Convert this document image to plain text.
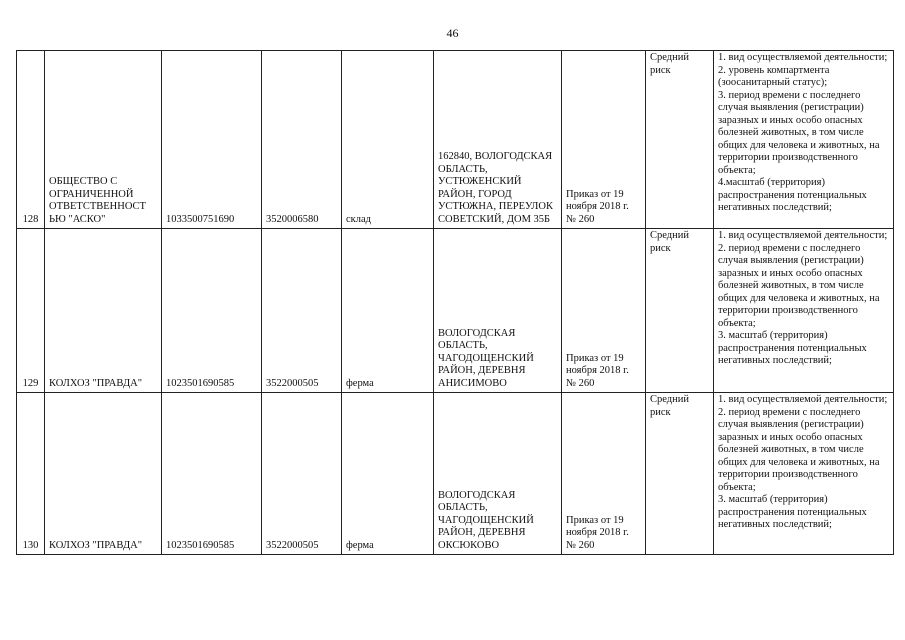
46
128	ОБЩЕСТВО С ОГРАНИЧЕННОЙ ОТВЕТСТВЕННОСТ ЬЮ "АСКО"	1033500751690	3520006580	склад	162840, ВОЛОГОДСКАЯ ОБЛАСТЬ, УСТЮЖЕНСКИЙ РАЙОН, ГОРОД УСТЮЖНА, ПЕРЕУЛОК СОВЕТСКИЙ, ДОМ 35Б	Приказ от 19 ноября 2018 г. № 260	Средний
риск	1. вид осуществляемой деятельности;
2. уровень компартмента (зоосанитарный статус);
3. период времени с последнего случая выявления (регистрации) заразных и иных особо опасных болезней животных, в том числе общих для человека и животных, на территории производственного объекта;
4.масштаб (территория) распространения потенциальных негативных последствий;

129	КОЛХОЗ "ПРАВДА"	1023501690585	3522000505	ферма	ВОЛОГОДСКАЯ ОБЛАСТЬ, ЧАГОДОЩЕНСКИЙ РАЙОН, ДЕРЕВНЯ АНИСИМОВО	Приказ от 19 ноября 2018 г. № 260	Средний
риск	1. вид осуществляемой деятельности;
2. период времени с последнего случая выявления (регистрации) заразных и иных особо опасных болезней животных, в том числе общих для человека и животных, на территории производственного объекта;
3. масштаб (территория) распространения потенциальных негативных последствий;

130	КОЛХОЗ "ПРАВДА"	1023501690585	3522000505	ферма	ВОЛОГОДСКАЯ ОБЛАСТЬ, ЧАГОДОЩЕНСКИЙ РАЙОН, ДЕРЕВНЯ ОКСЮКОВО	Приказ от 19 ноября 2018 г. № 260	Средний
риск	1. вид осуществляемой деятельности;
2. период времени с последнего случая выявления (регистрации) заразных и иных особо опасных болезней животных, в том числе общих для человека и животных, на территории производственного объекта;
3. масштаб (территория) распространения потенциальных негативных последствий;
